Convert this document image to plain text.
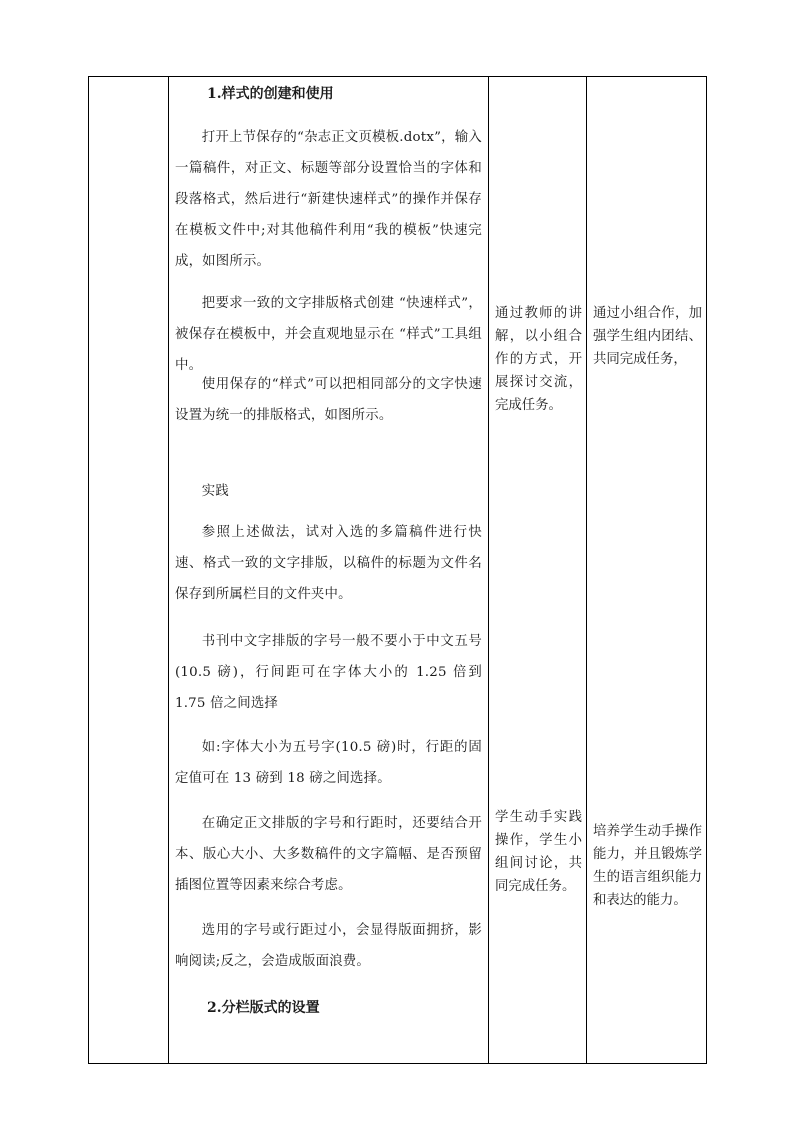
1.样式的创建和使用
打开上节保存的“杂志正文页模板.dotx”，输入一篇稿件，对正文、标题等部分设置恰当的字体和段落格式，然后进行“新建快速样式”的操作并保存在模板文件中;对其他稿件利用“我的模板”快速完成，如图所示。
把要求一致的文字排版格式创建 “快速样式”，被保存在模板中，并会直观地显示在 “样式”工具组中。
使用保存的“样式”可以把相同部分的文字快速设置为统一的排版格式，如图所示。
实践
参照上述做法，试对入选的多篇稿件进行快速、格式一致的文字排版，以稿件的标题为文件名保存到所属栏目的文件夹中。
书刊中文字排版的字号一般不要小于中文五号(10.5 磅)，行间距可在字体大小的 1.25 倍到 1.75 倍之间选择
如:字体大小为五号字(10.5 磅)时，行距的固定值可在 13 磅到 18 磅之间选择。
在确定正文排版的字号和行距时，还要结合开本、版心大小、大多数稿件的文字篇幅、是否预留插图位置等因素来综合考虑。
选用的字号或行距过小，会显得版面拥挤，影响阅读;反之，会造成版面浪费。
2.分栏版式的设置
通过教师的讲解，以小组合作的方式，开展探讨交流，完成任务。
学生动手实践操作，学生小组间讨论，共同完成任务。
通过小组合作，加强学生组内团结、共同完成任务，
培养学生动手操作能力，并且锻炼学生的语言组织能力和表达的能力。
